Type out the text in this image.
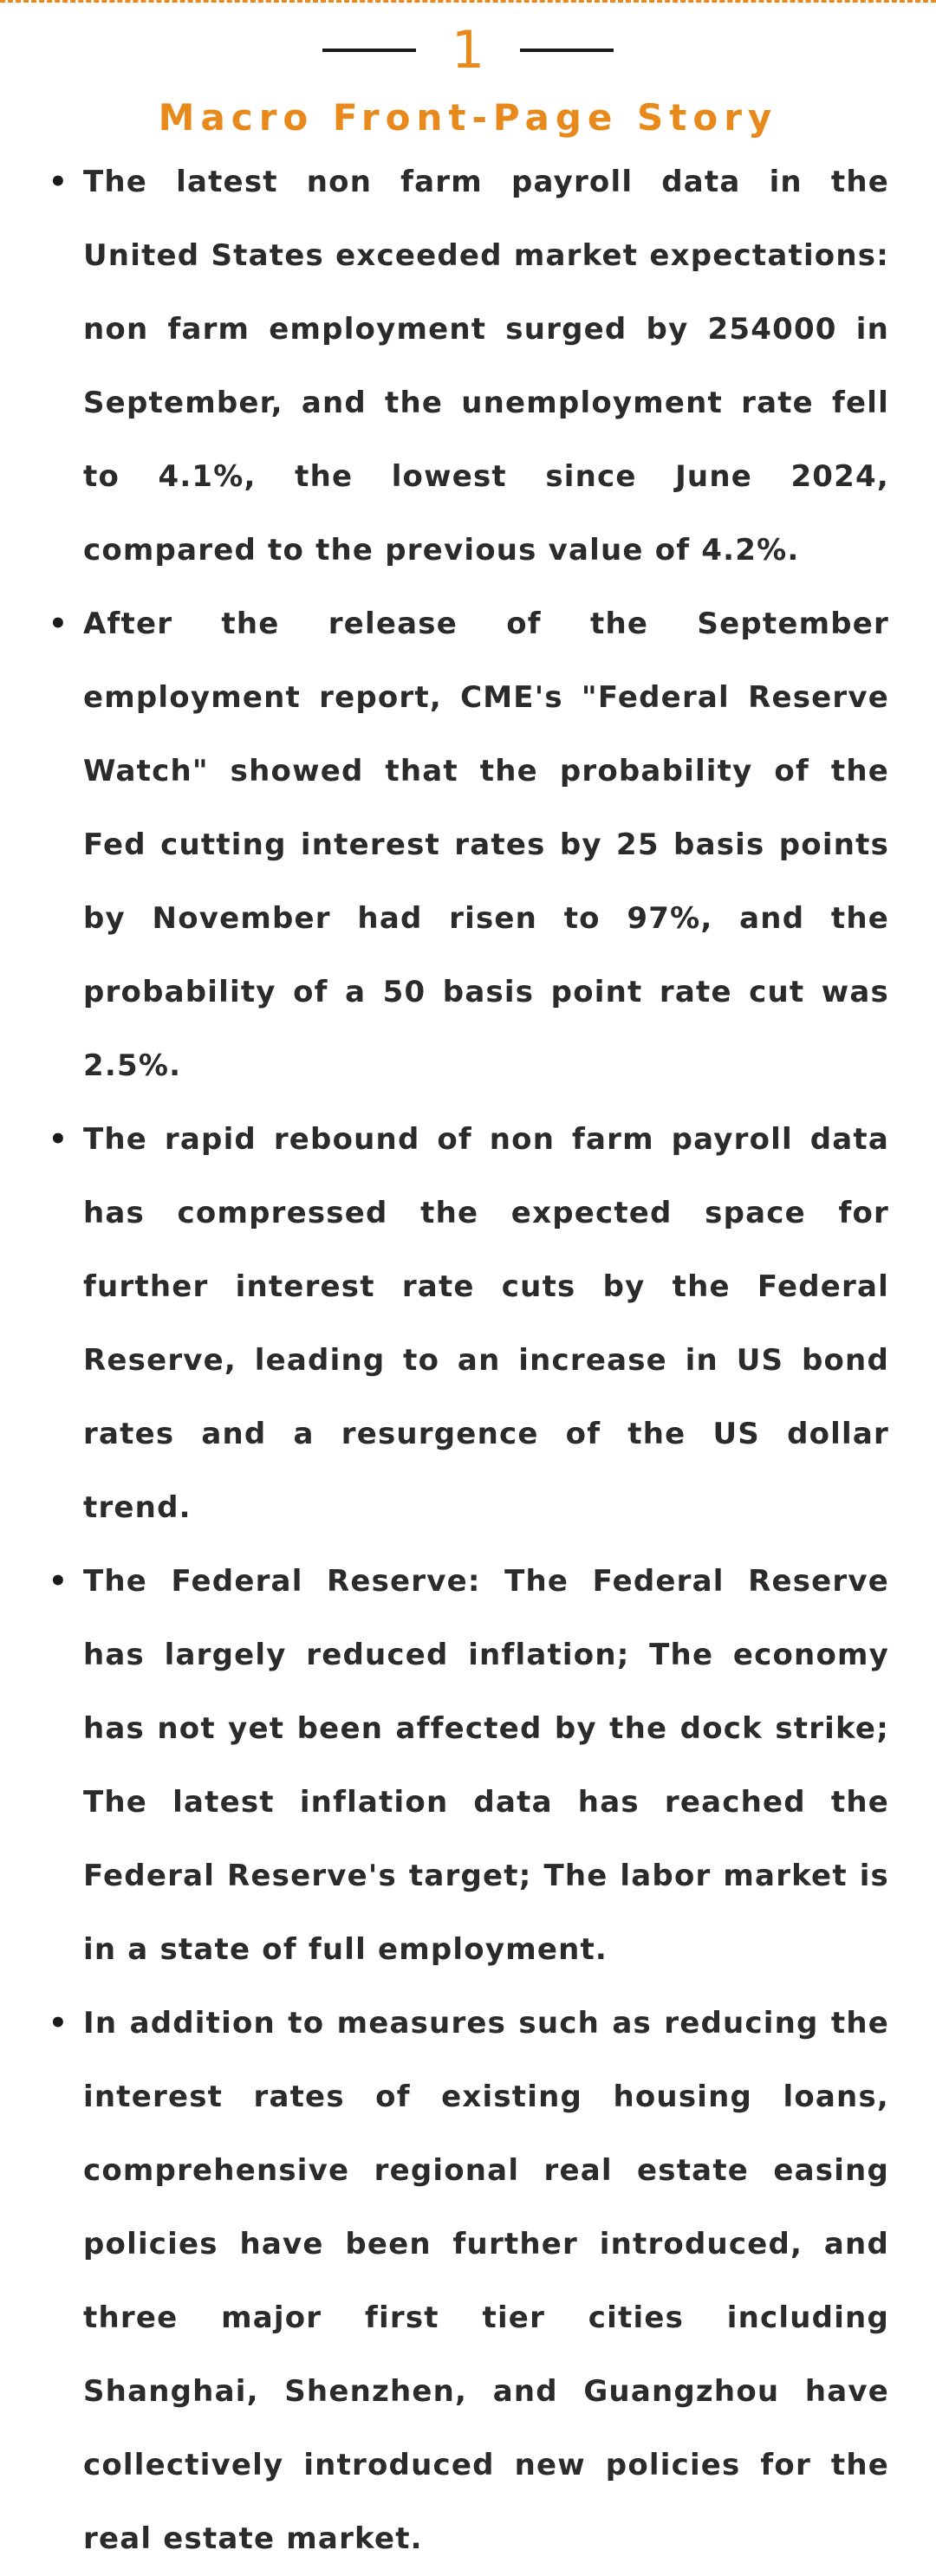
1
Macro Front-Page Story
• The latest non farm payroll data in the United States exceeded market expectations: non farm employment surged by 254000 in September, and the unemployment rate fell to 4.1%, the lowest since June 2024, compared to the previous value of 4.2%.
• After the release of the September employment report, CME's "Federal Reserve Watch" showed that the probability of the Fed cutting interest rates by 25 basis points by November had risen to 97%, and the probability of a 50 basis point rate cut was 2.5%.
• The rapid rebound of non farm payroll data has compressed the expected space for further interest rate cuts by the Federal Reserve, leading to an increase in US bond rates and a resurgence of the US dollar trend.
• The Federal Reserve: The Federal Reserve has largely reduced inflation; The economy has not yet been affected by the dock strike; The latest inflation data has reached the Federal Reserve's target; The labor market is in a state of full employment.
• In addition to measures such as reducing the interest rates of existing housing loans, comprehensive regional real estate easing policies have been further introduced, and three major first tier cities including Shanghai, Shenzhen, and Guangzhou have collectively introduced new policies for the real estate market.
